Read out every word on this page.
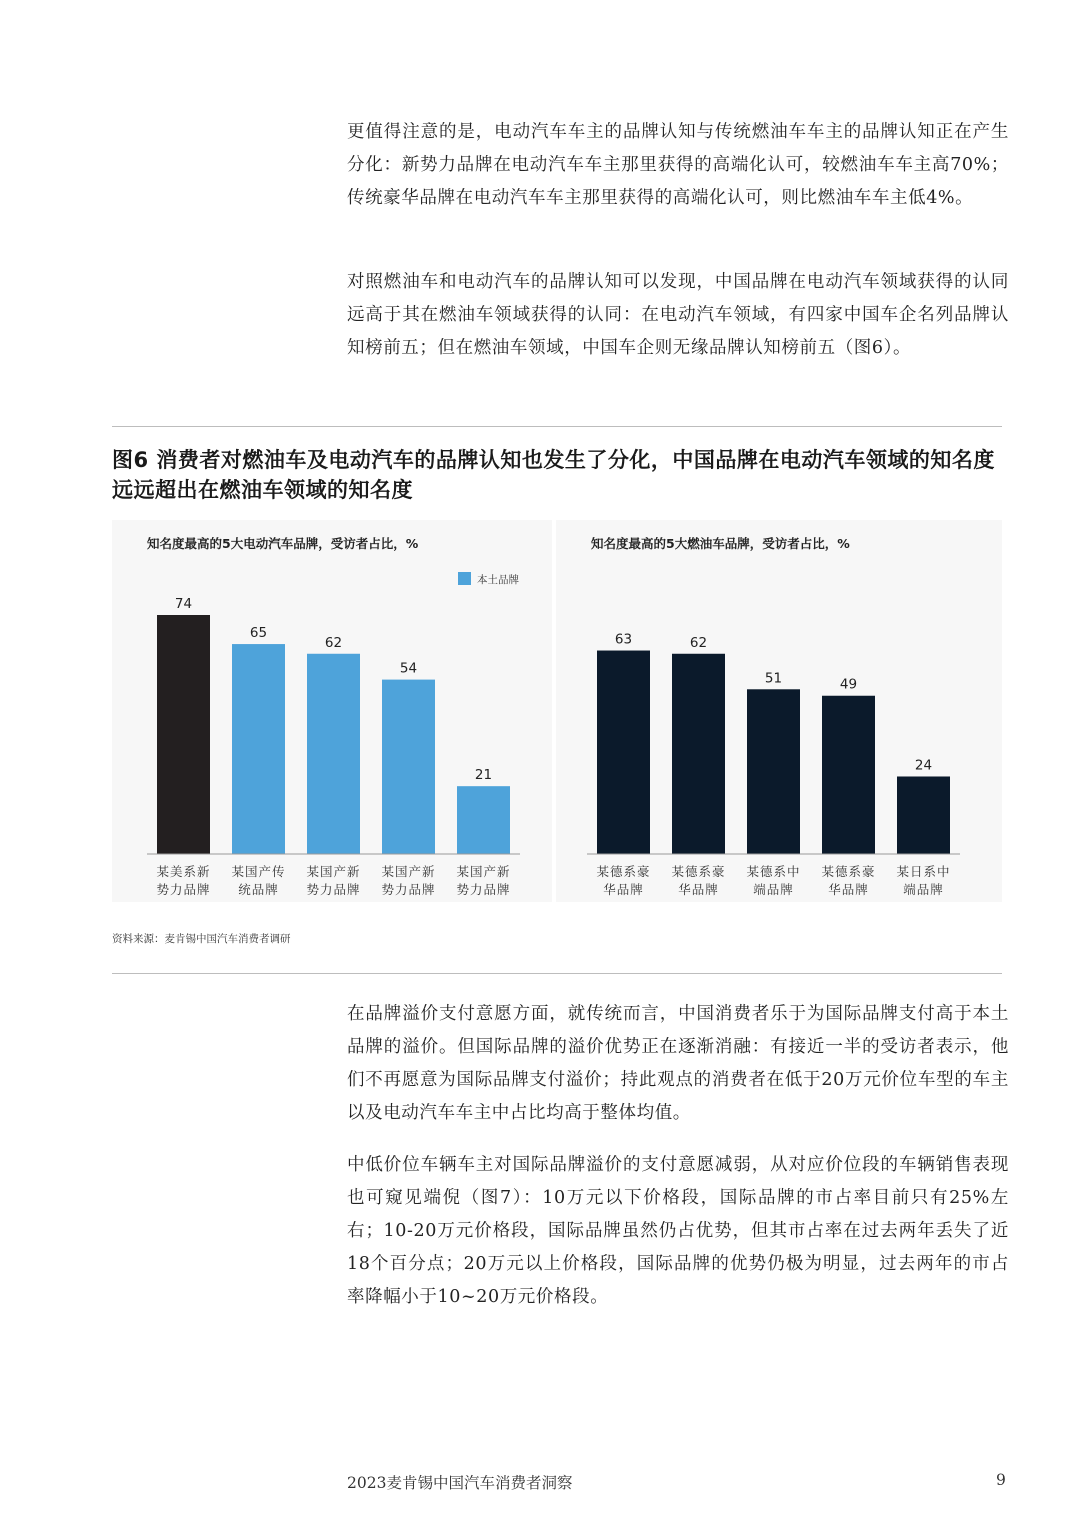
更值得注意的是，电动汽车车主的品牌认知与传统燃油车车主的品牌认知正在产生分化：新势力品牌在电动汽车车主那里获得的高端化认可，较燃油车车主高70%；传统豪华品牌在电动汽车车主那里获得的高端化认可，则比燃油车车主低4%。

对照燃油车和电动汽车的品牌认知可以发现，中国品牌在电动汽车领域获得的认同远高于其在燃油车领域获得的认同：在电动汽车领域，有四家中国车企名列品牌认知榜前五；但在燃油车领域，中国车企则无缘品牌认知榜前五（图6）。

图6 消费者对燃油车及电动汽车的品牌认知也发生了分化，中国品牌在电动汽车领域的知名度远远超出在燃油车领域的知名度
知名度最高的5大电动汽车品牌，受访者占比，%
74
某美系新
势力品牌
65
某国产传
统品牌
62
某国产新
势力品牌
54
某国产新
势力品牌
21
某国产新
势力品牌
本土品牌
知名度最高的5大燃油车品牌，受访者占比，%
63
某德系豪
华品牌
62
某德系豪
华品牌
51
某德系中
端品牌
49
某德系豪
华品牌
24
某日系中
端品牌
资料来源：麦肯锡中国汽车消费者调研

在品牌溢价支付意愿方面，就传统而言，中国消费者乐于为国际品牌支付高于本土品牌的溢价。但国际品牌的溢价优势正在逐渐消融：有接近一半的受访者表示，他们不再愿意为国际品牌支付溢价；持此观点的消费者在低于20万元价位车型的车主以及电动汽车车主中占比均高于整体均值。

中低价位车辆车主对国际品牌溢价的支付意愿减弱，从对应价位段的车辆销售表现也可窥见端倪（图7）：10万元以下价格段，国际品牌的市占率目前只有25%左右；10-20万元价格段，国际品牌虽然仍占优势，但其市占率在过去两年丢失了近18个百分点；20万元以上价格段，国际品牌的优势仍极为明显，过去两年的市占率降幅小于10~20万元价格段。

2023麦肯锡中国汽车消费者洞察	9
